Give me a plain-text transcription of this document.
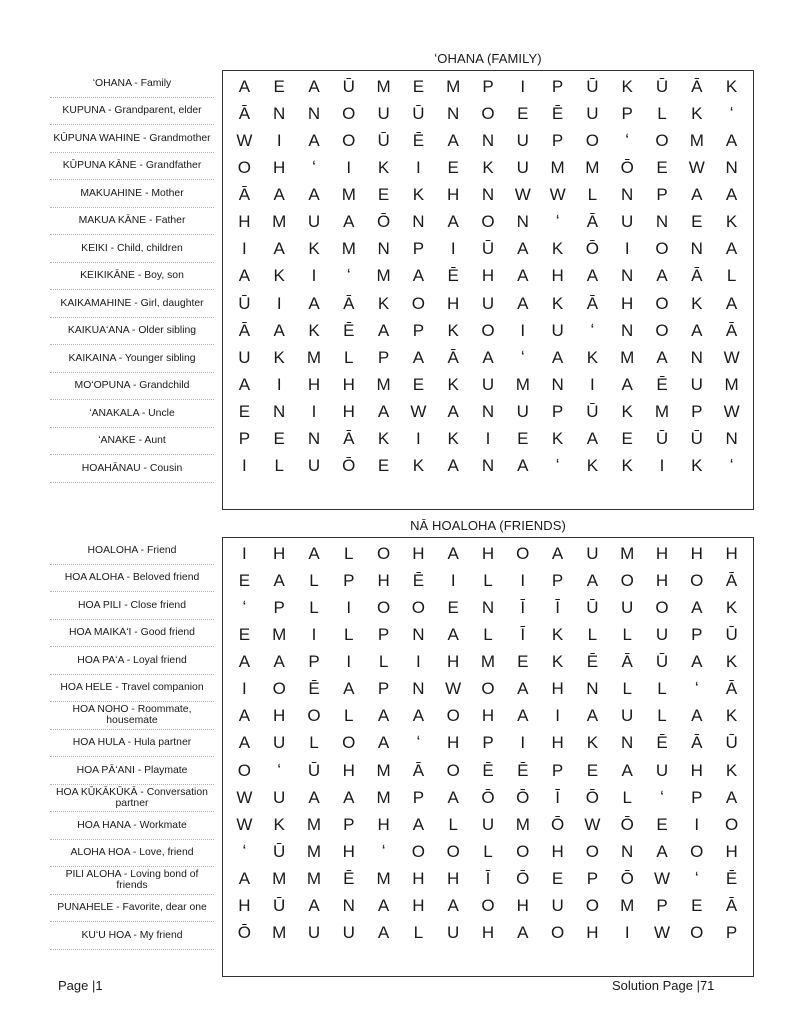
ʻOHANA (FAMILY)
ʻOHANA - Family
KUPUNA - Grandparent, elder
KŪPUNA WAHINE - Grandmother
KŪPUNA KĀNE - Grandfather
MAKUAHINE - Mother
MAKUA KĀNE - Father
KEIKI - Child, children
KEIKIKĀNE - Boy, son
KAIKAMAHINE - Girl, daughter
KAIKUAʻANA - Older sibling
KAIKAINA - Younger sibling
MOʻOPUNA - Grandchild
ʻANAKALA - Uncle
ʻANAKE - Aunt
HOAHĀNAU - Cousin
A	E	A	Ū	M	E	M	P	I	P	Ū	K	Ū	Ā	K
Ā	N	N	O	U	Ū	N	O	E	Ē	U	P	L	K	ʻ
W	I	A	O	Ū	Ē	A	N	U	P	O	ʻ	O	M	A
O	H	ʻ	I	K	I	E	K	U	M	M	Ō	E	W	N
Ā	A	A	M	E	K	H	N	W	W	L	N	P	A	A
H	M	U	A	Ō	N	A	O	N	ʻ	Ā	U	N	E	K
I	A	K	M	N	P	I	Ū	A	K	Ō	I	O	N	A
A	K	I	ʻ	M	A	Ē	H	A	H	A	N	A	Ā	L
Ū	I	A	Ā	K	O	H	U	A	K	Ā	H	O	K	A
Ā	A	K	Ē	A	P	K	O	I	U	ʻ	N	O	A	Ā
U	K	M	L	P	A	Ā	A	ʻ	A	K	M	A	N	W
A	I	H	H	M	E	K	U	M	N	I	A	Ē	U	M
E	N	I	H	A	W	A	N	U	P	Ū	K	M	P	W
P	E	N	Ā	K	I	K	I	E	K	A	E	Ū	Ū	N
I	L	U	Ō	E	K	A	N	A	ʻ	K	K	I	K	ʻ
NĀ HOALOHA (FRIENDS)
HOALOHA - Friend
HOA ALOHA - Beloved friend
HOA PILI - Close friend
HOA MAIKAʻI - Good friend
HOA PAʻA - Loyal friend
HOA HELE - Travel companion
HOA NOHO - Roommate, housemate
HOA HULA - Hula partner
HOA PĀʻANI - Playmate
HOA KŪKĀKŪKĀ - Conversation partner
HOA HANA - Workmate
ALOHA HOA - Love, friend
PILI ALOHA - Loving bond of friends
PUNAHELE - Favorite, dear one
KUʻU HOA - My friend
I	H	A	L	O	H	A	H	O	A	U	M	H	H	H
E	A	L	P	H	Ē	I	L	I	P	A	O	H	O	Ā
ʻ	P	L	I	O	O	E	N	Ī	Ī	Ū	U	O	A	K
E	M	I	L	P	N	A	L	Ī	K	L	L	U	P	Ū
A	A	P	I	L	I	H	M	E	K	Ē	Ā	Ū	A	K
I	O	Ē	A	P	N	W	O	A	H	N	L	L	ʻ	Ā
A	H	O	L	A	A	O	H	A	I	A	U	L	A	K
A	U	L	O	A	ʻ	H	P	I	H	K	N	Ē	Ā	Ū
O	ʻ	Ū	H	M	Ā	O	Ē	Ē	P	E	A	U	H	K
W	U	A	A	M	P	A	Ō	Ō	Ī	Ō	L	ʻ	P	A
W	K	M	P	H	A	L	U	M	Ō	W	Ō	E	I	O
ʻ	Ū	M	H	ʻ	O	O	L	O	H	O	N	A	O	H
A	M	M	Ē	M	H	H	Ī	Ō	E	P	Ō	W	ʻ	Ē
H	Ū	A	N	A	H	A	O	H	U	O	M	P	E	Ā
Ō	M	U	U	A	L	U	H	A	O	H	I	W	O	P
Page |1	Solution Page |71
